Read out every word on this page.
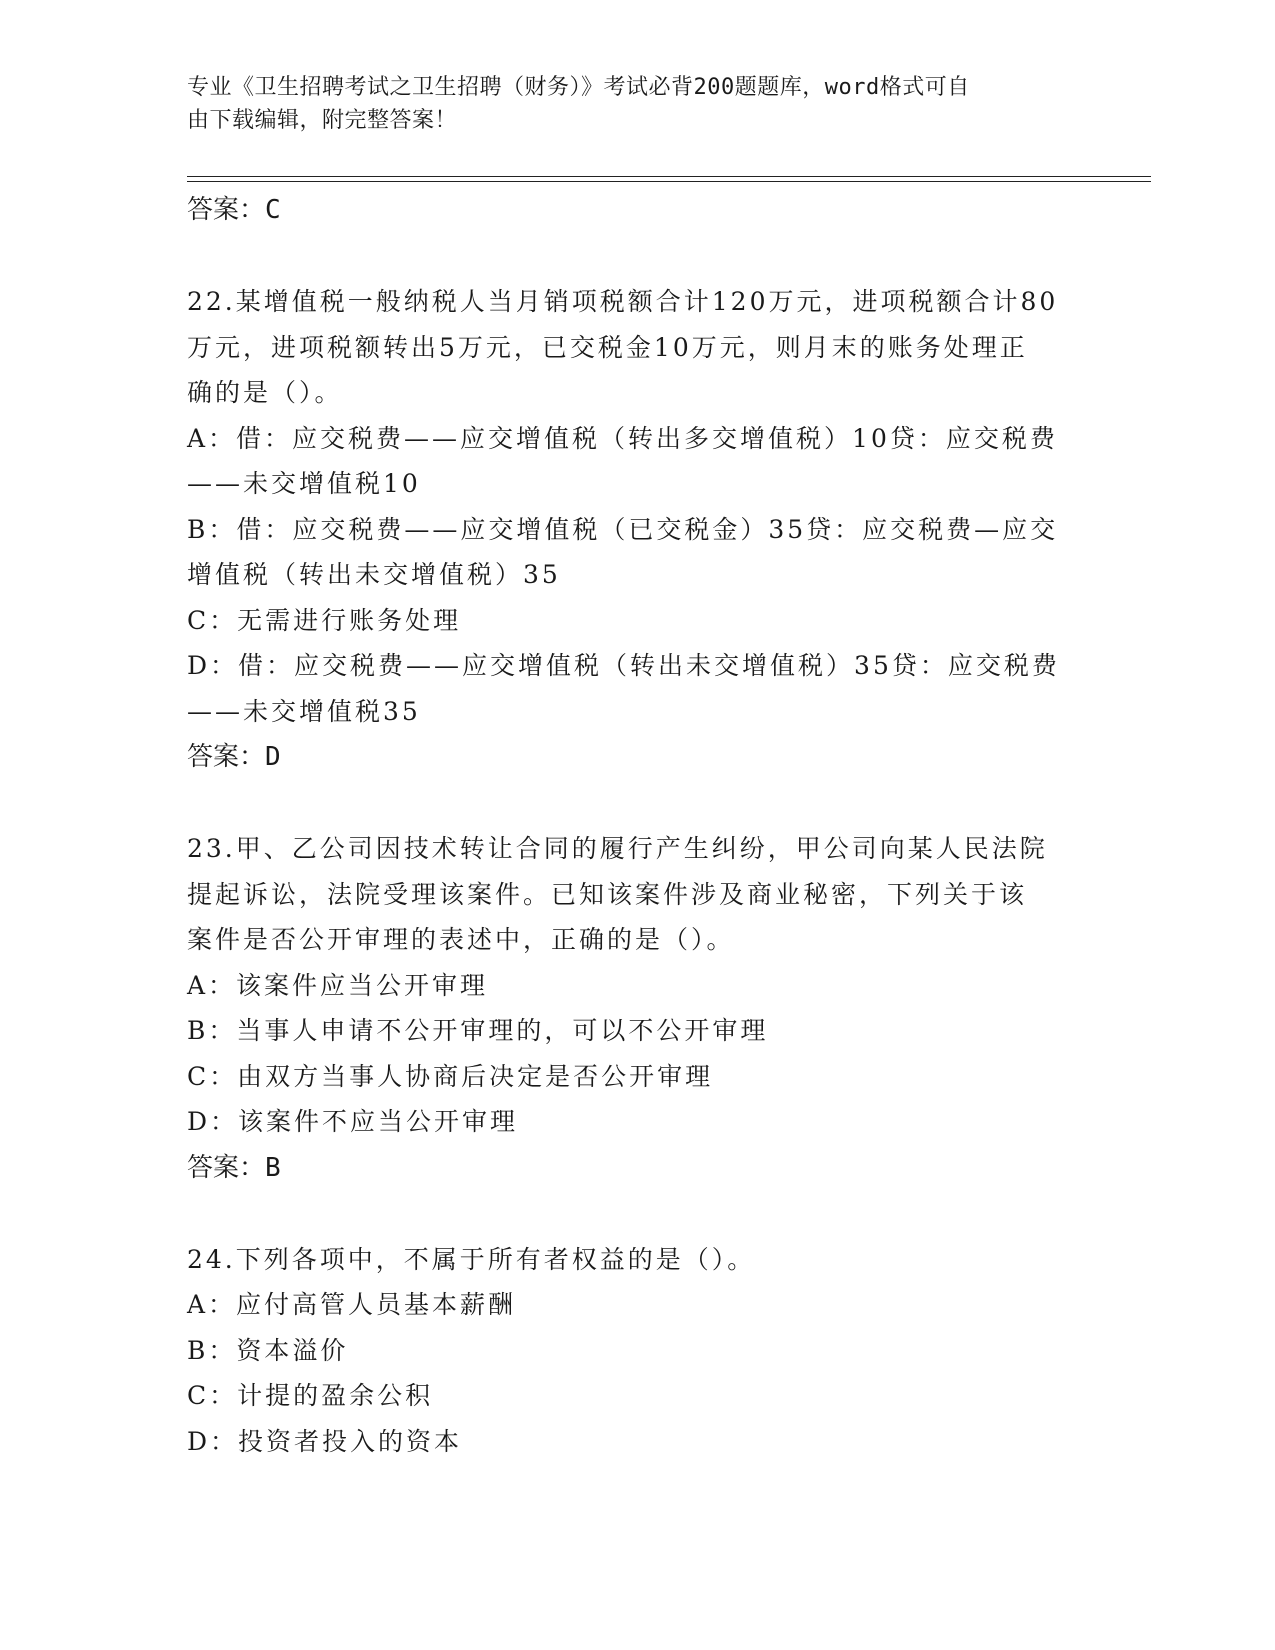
专业《卫生招聘考试之卫生招聘（财务）》考试必背200题题库，word格式可自
由下载编辑，附完整答案！

答案：C

22.某增值税一般纳税人当月销项税额合计120万元，进项税额合计80

万元，进项税额转出5万元，已交税金10万元，则月末的账务处理正

确的是（）。

A：借：应交税费——应交增值税（转出多交增值税）10贷：应交税费

——未交增值税10

B：借：应交税费——应交增值税（已交税金）35贷：应交税费—应交

增值税（转出未交增值税）35

C：无需进行账务处理

D：借：应交税费——应交增值税（转出未交增值税）35贷：应交税费

——未交增值税35

答案：D

23.甲、乙公司因技术转让合同的履行产生纠纷，甲公司向某人民法院

提起诉讼，法院受理该案件。已知该案件涉及商业秘密，下列关于该

案件是否公开审理的表述中，正确的是（）。

A：该案件应当公开审理

B：当事人申请不公开审理的，可以不公开审理

C：由双方当事人协商后决定是否公开审理

D：该案件不应当公开审理

答案：B

24.下列各项中，不属于所有者权益的是（）。

A：应付高管人员基本薪酬

B：资本溢价

C：计提的盈余公积

D：投资者投入的资本
